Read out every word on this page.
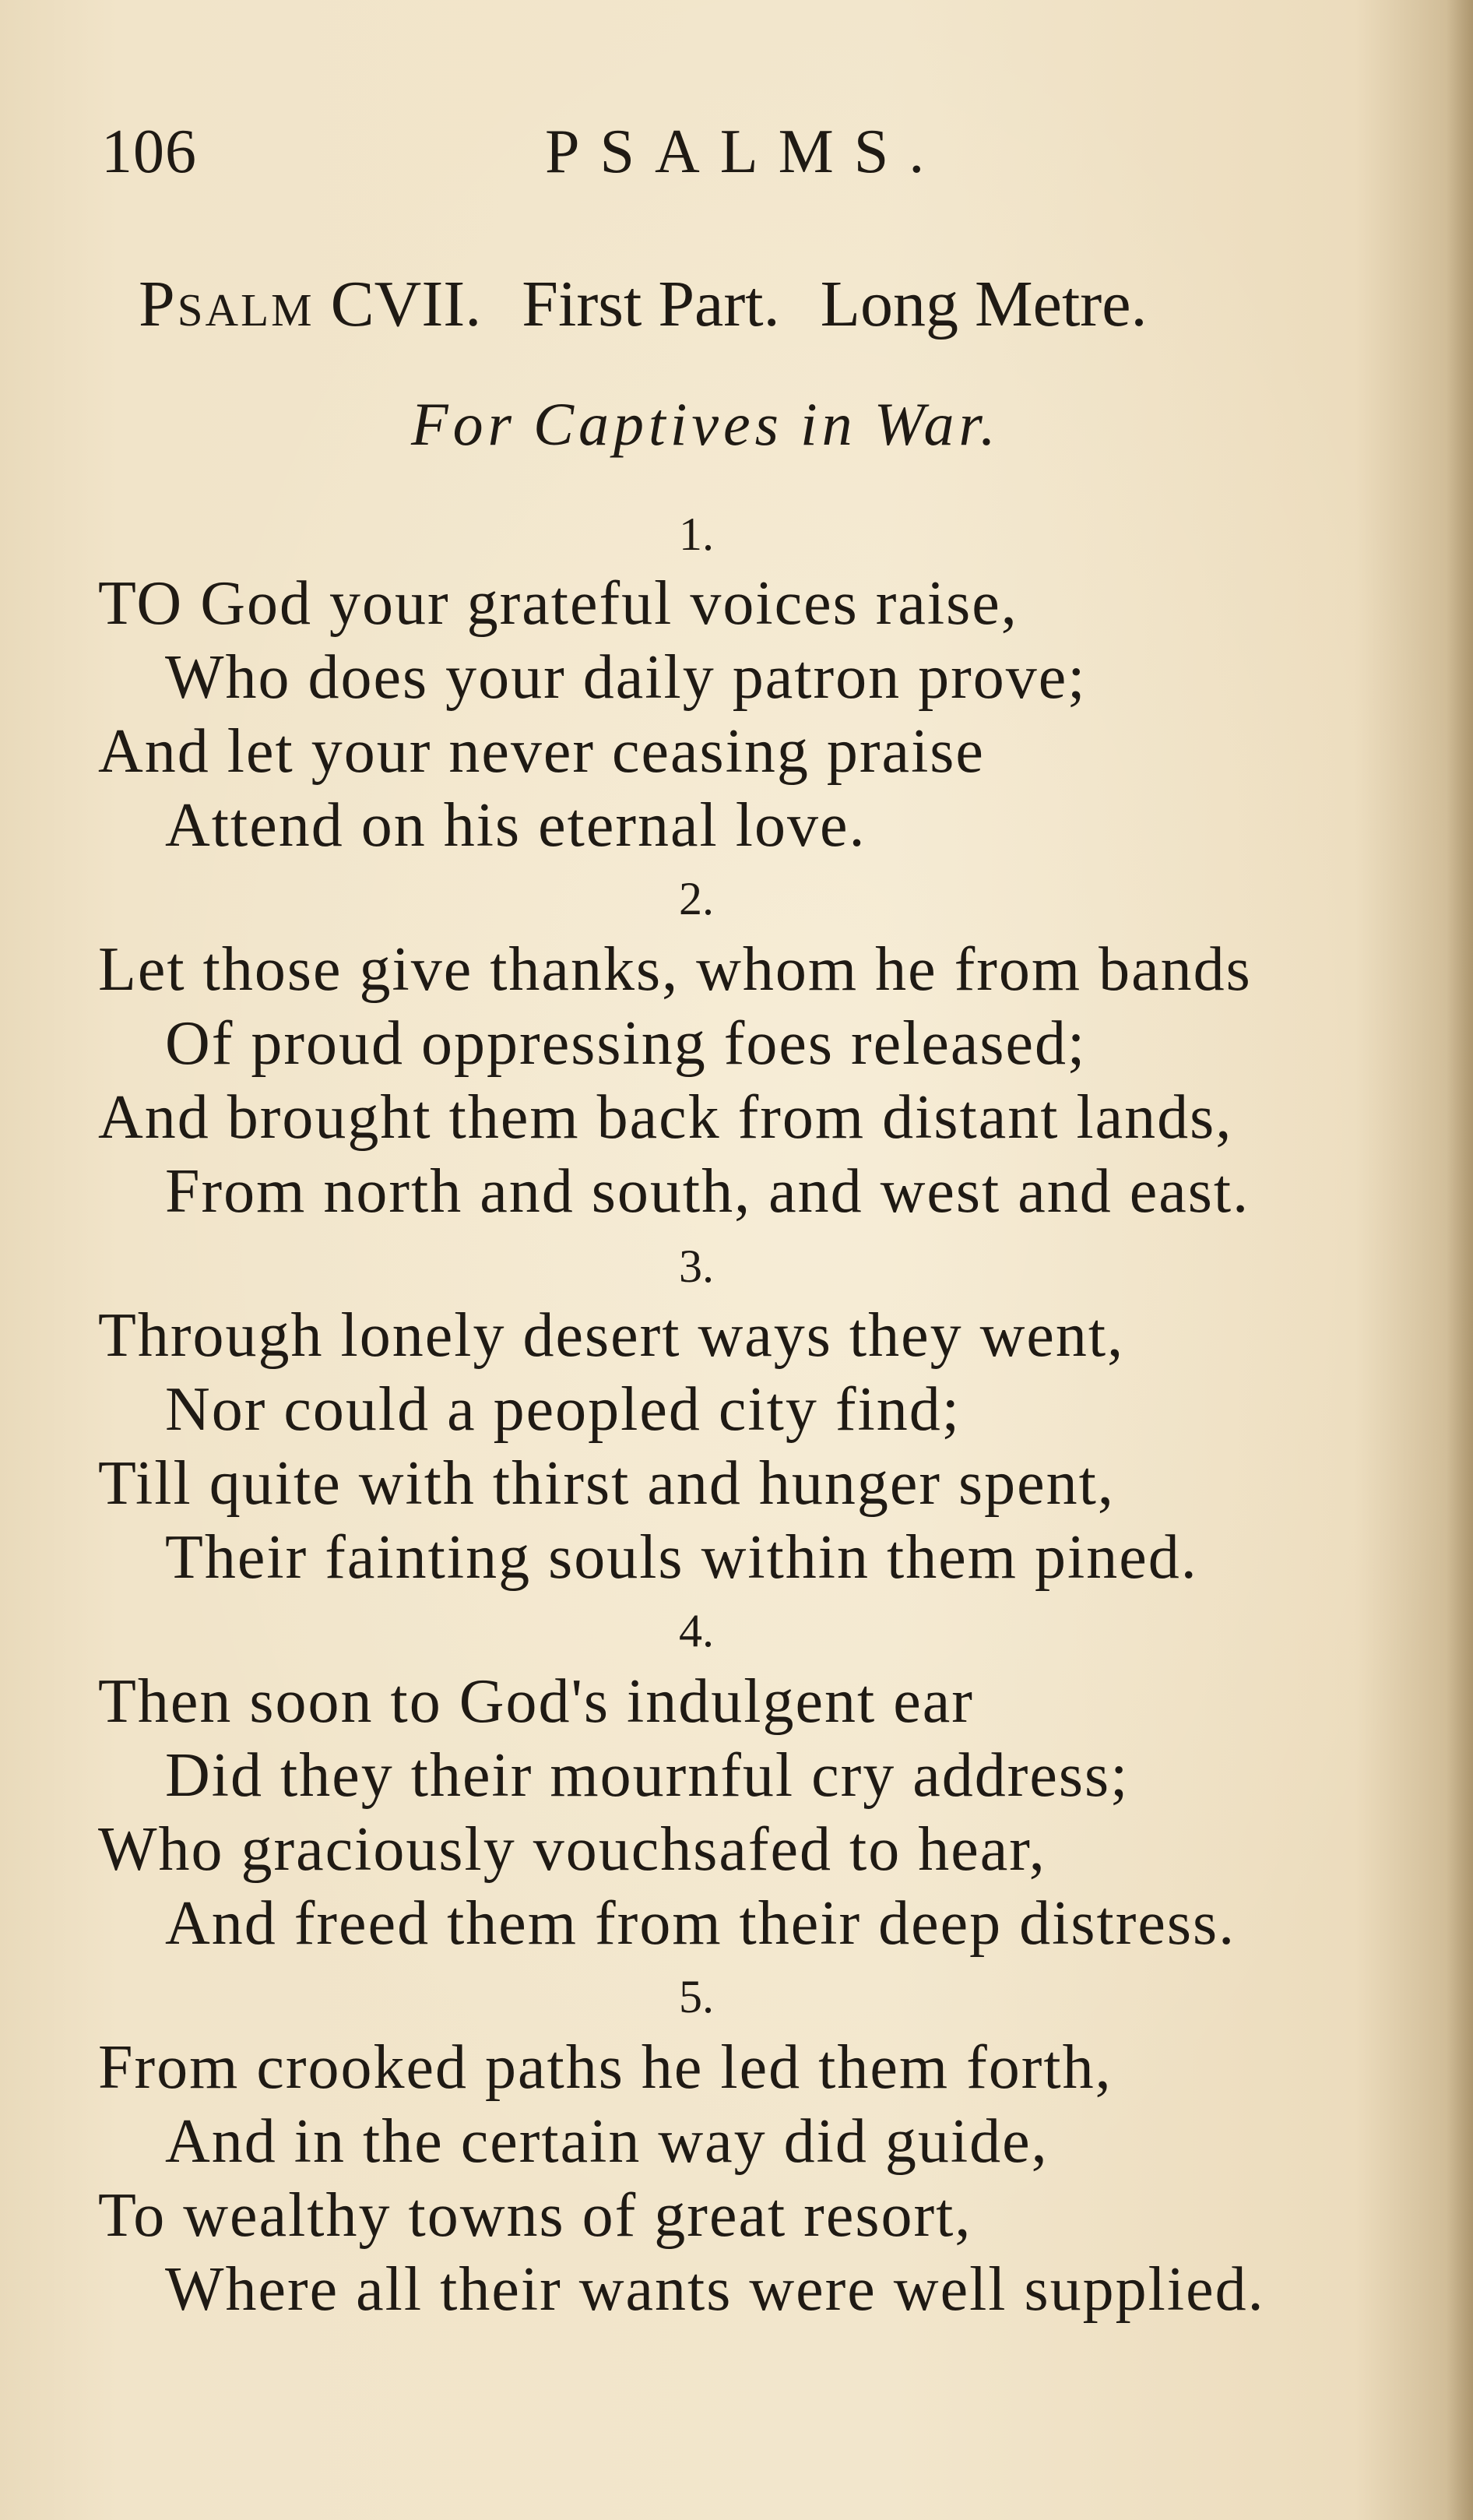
106	PSALMS.
Psalm CVII. First Part. Long Metre.
For Captives in War.
1.
TO God your grateful voices raise,
Who does your daily patron prove;
And let your never ceasing praise
Attend on his eternal love.
2.
Let those give thanks, whom he from bands
Of proud oppressing foes released;
And brought them back from distant lands,
From north and south, and west and east.
3.
Through lonely desert ways they went,
Nor could a peopled city find;
Till quite with thirst and hunger spent,
Their fainting souls within them pined.
4.
Then soon to God's indulgent ear
Did they their mournful cry address;
Who graciously vouchsafed to hear,
And freed them from their deep distress.
5.
From crooked paths he led them forth,
And in the certain way did guide,
To wealthy towns of great resort,
Where all their wants were well supplied.
